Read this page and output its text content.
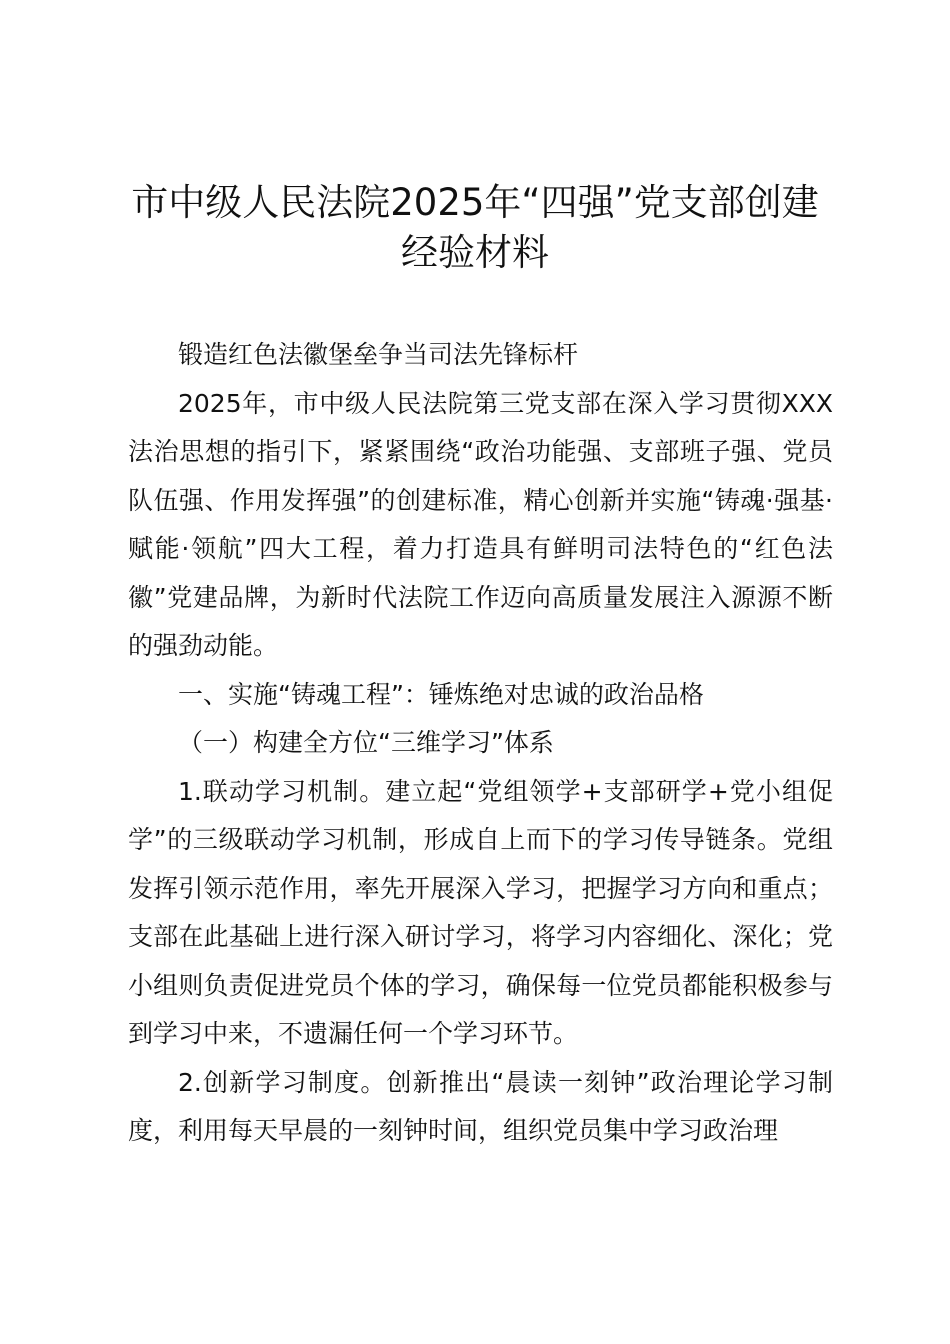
市中级人民法院2025年“四强”党支部创建
经验材料

锻造红色法徽堡垒争当司法先锋标杆

2025年，市中级人民法院第三党支部在深入学习贯彻XXX法治思想的指引下，紧紧围绕“政治功能强、支部班子强、党员队伍强、作用发挥强”的创建标准，精心创新并实施“铸魂·强基·赋能·领航”四大工程，着力打造具有鲜明司法特色的“红色法徽”党建品牌，为新时代法院工作迈向高质量发展注入源源不断的强劲动能。

一、实施“铸魂工程”：锤炼绝对忠诚的政治品格

（一）构建全方位“三维学习”体系

1.联动学习机制。建立起“党组领学+支部研学+党小组促学”的三级联动学习机制，形成自上而下的学习传导链条。党组发挥引领示范作用，率先开展深入学习，把握学习方向和重点；支部在此基础上进行深入研讨学习，将学习内容细化、深化；党小组则负责促进党员个体的学习，确保每一位党员都能积极参与到学习中来，不遗漏任何一个学习环节。

2.创新学习制度。创新推出“晨读一刻钟”政治理论学习制度，利用每天早晨的一刻钟时间，组织党员集中学习政治理
